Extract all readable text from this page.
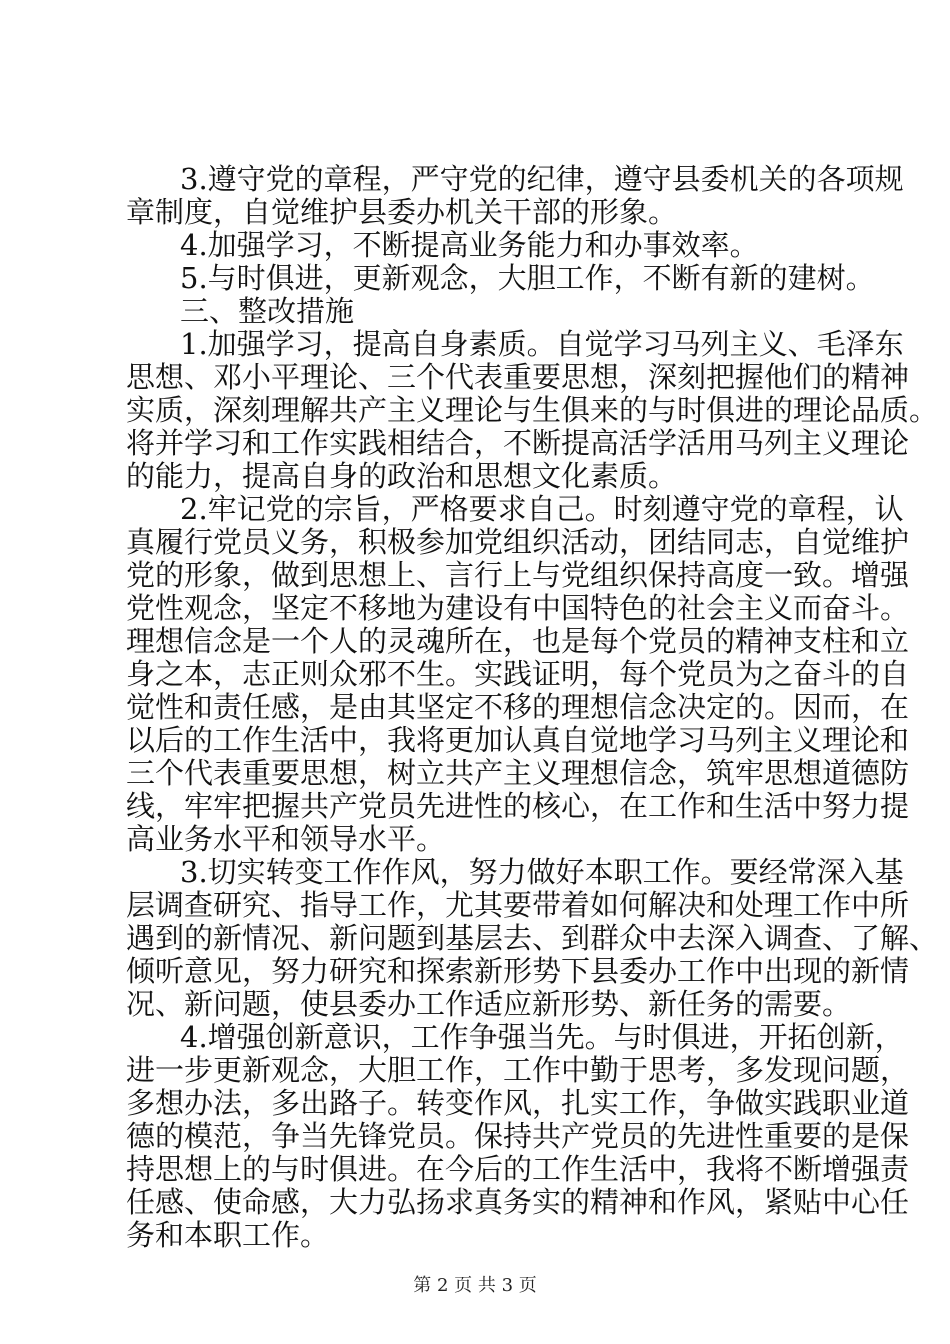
3.遵守党的章程，严守党的纪律，遵守县委机关的各项规
章制度，自觉维护县委办机关干部的形象。
4.加强学习，不断提高业务能力和办事效率。
5.与时俱进，更新观念，大胆工作，不断有新的建树。
三、整改措施
1.加强学习，提高自身素质。自觉学习马列主义、毛泽东
思想、邓小平理论、三个代表重要思想，深刻把握他们的精神
实质，深刻理解共产主义理论与生俱来的与时俱进的理论品质。
将并学习和工作实践相结合，不断提高活学活用马列主义理论
的能力，提高自身的政治和思想文化素质。
2.牢记党的宗旨，严格要求自己。时刻遵守党的章程，认
真履行党员义务，积极参加党组织活动，团结同志，自觉维护
党的形象，做到思想上、言行上与党组织保持高度一致。增强
党性观念，坚定不移地为建设有中国特色的社会主义而奋斗。
理想信念是一个人的灵魂所在，也是每个党员的精神支柱和立
身之本，志正则众邪不生。实践证明，每个党员为之奋斗的自
觉性和责任感，是由其坚定不移的理想信念决定的。因而，在
以后的工作生活中，我将更加认真自觉地学习马列主义理论和
三个代表重要思想，树立共产主义理想信念，筑牢思想道德防
线，牢牢把握共产党员先进性的核心，在工作和生活中努力提
高业务水平和领导水平。
3.切实转变工作作风，努力做好本职工作。要经常深入基
层调查研究、指导工作，尤其要带着如何解决和处理工作中所
遇到的新情况、新问题到基层去、到群众中去深入调查、了解、
倾听意见，努力研究和探索新形势下县委办工作中出现的新情
况、新问题，使县委办工作适应新形势、新任务的需要。
4.增强创新意识，工作争强当先。与时俱进，开拓创新，
进一步更新观念，大胆工作，工作中勤于思考，多发现问题，
多想办法，多出路子。转变作风，扎实工作，争做实践职业道
德的模范，争当先锋党员。保持共产党员的先进性重要的是保
持思想上的与时俱进。在今后的工作生活中，我将不断增强责
任感、使命感，大力弘扬求真务实的精神和作风，紧贴中心任
务和本职工作。
第 2 页 共 3 页
